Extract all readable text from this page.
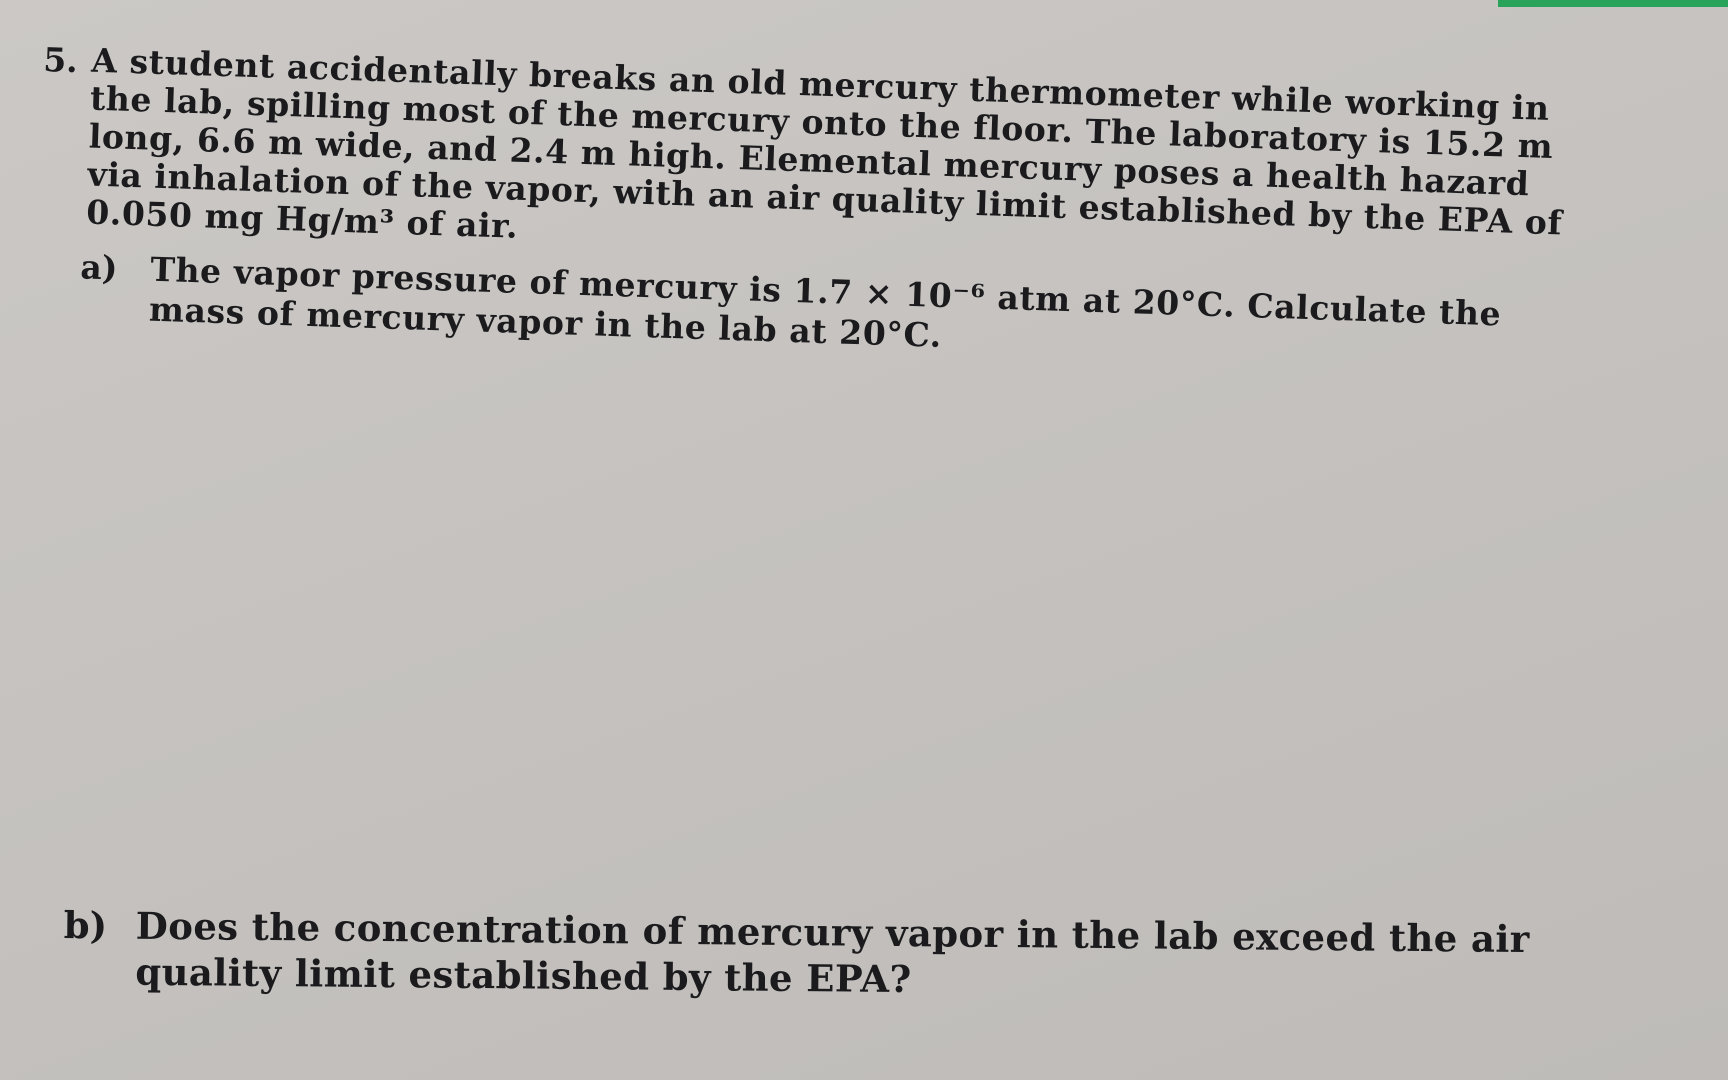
5. A student accidentally breaks an old mercury thermometer while working in the lab, spilling most of the mercury onto the floor. The laboratory is 15.2 m long, 6.6 m wide, and 2.4 m high. Elemental mercury poses a health hazard via inhalation of the vapor, with an air quality limit established by the EPA of 0.050 mg Hg/m³ of air.
a) The vapor pressure of mercury is 1.7 × 10⁻⁶ atm at 20°C. Calculate the mass of mercury vapor in the lab at 20°C.
b) Does the concentration of mercury vapor in the lab exceed the air quality limit established by the EPA?
